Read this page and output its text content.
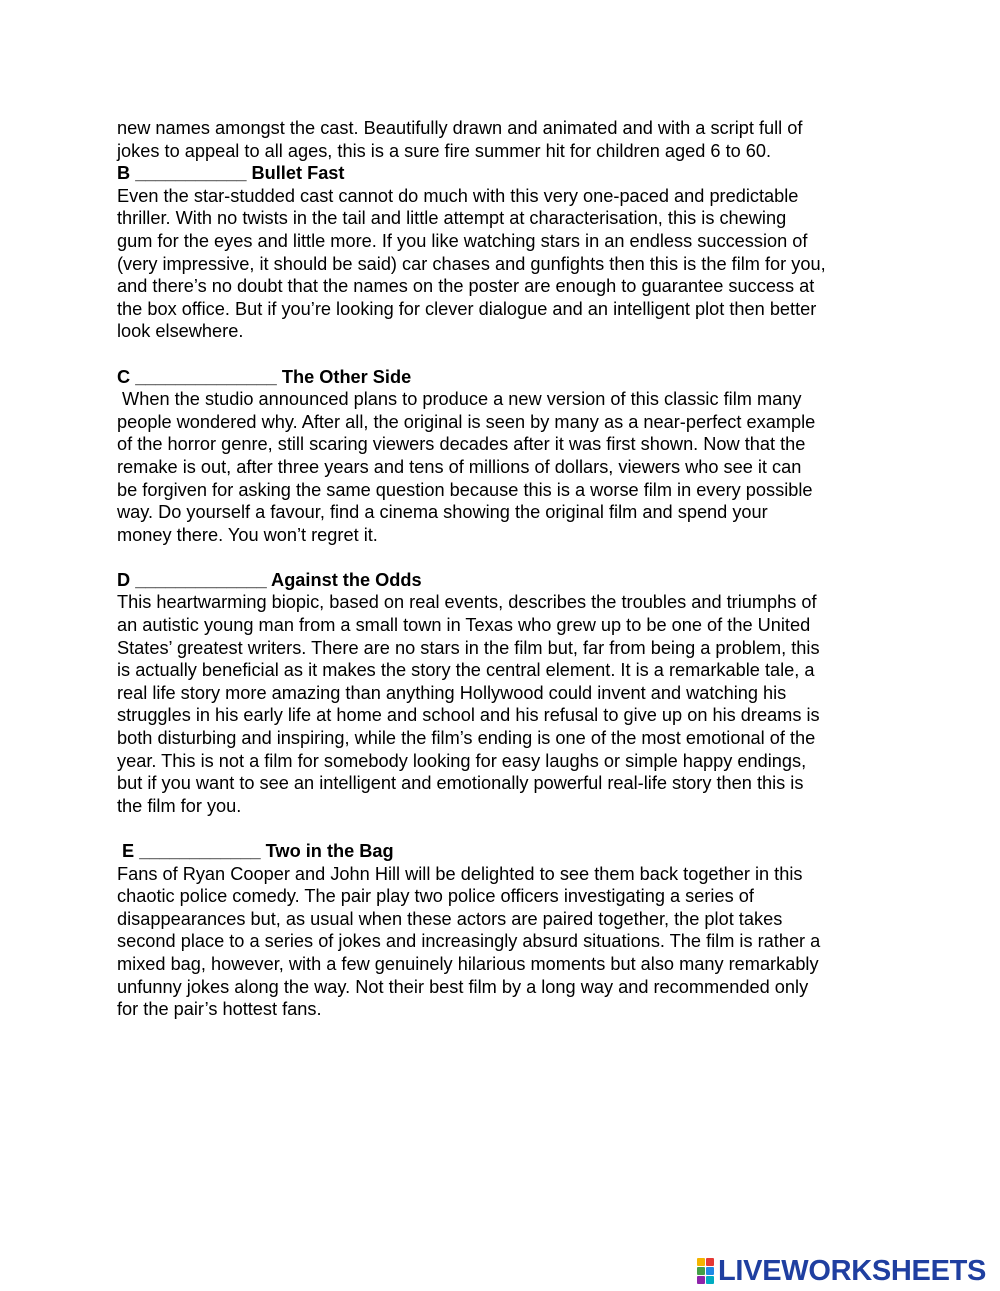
new names amongst the cast. Beautifully drawn and animated and with a script full of
jokes to appeal to all ages, this is a sure fire summer hit for children aged 6 to 60.
B ___________ Bullet Fast
Even the star-studded cast cannot do much with this very one-paced and predictable
thriller. With no twists in the tail and little attempt at characterisation, this is chewing
gum for the eyes and little more. If you like watching stars in an endless succession of
(very impressive, it should be said) car chases and gunfights then this is the film for you,
and there’s no doubt that the names on the poster are enough to guarantee success at
the box office. But if you’re looking for clever dialogue and an intelligent plot then better
look elsewhere.
C ______________ The Other Side
When the studio announced plans to produce a new version of this classic film many
people wondered why. After all, the original is seen by many as a near-perfect example
of the horror genre, still scaring viewers decades after it was first shown. Now that the
remake is out, after three years and tens of millions of dollars, viewers who see it can
be forgiven for asking the same question because this is a worse film in every possible
way. Do yourself a favour, find a cinema showing the original film and spend your
money there. You won’t regret it.
D _____________ Against the Odds
This heartwarming biopic, based on real events, describes the troubles and triumphs of
an autistic young man from a small town in Texas who grew up to be one of the United
States’ greatest writers. There are no stars in the film but, far from being a problem, this
is actually beneficial as it makes the story the central element. It is a remarkable tale, a
real life story more amazing than anything Hollywood could invent and watching his
struggles in his early life at home and school and his refusal to give up on his dreams is
both disturbing and inspiring, while the film’s ending is one of the most emotional of the
year. This is not a film for somebody looking for easy laughs or simple happy endings,
but if you want to see an intelligent and emotionally powerful real-life story then this is
the film for you.
E ____________ Two in the Bag
Fans of Ryan Cooper and John Hill will be delighted to see them back together in this
chaotic police comedy. The pair play two police officers investigating a series of
disappearances but, as usual when these actors are paired together, the plot takes
second place to a series of jokes and increasingly absurd situations. The film is rather a
mixed bag, however, with a few genuinely hilarious moments but also many remarkably
unfunny jokes along the way. Not their best film by a long way and recommended only
for the pair’s hottest fans.
LIVEWORKSHEETS
